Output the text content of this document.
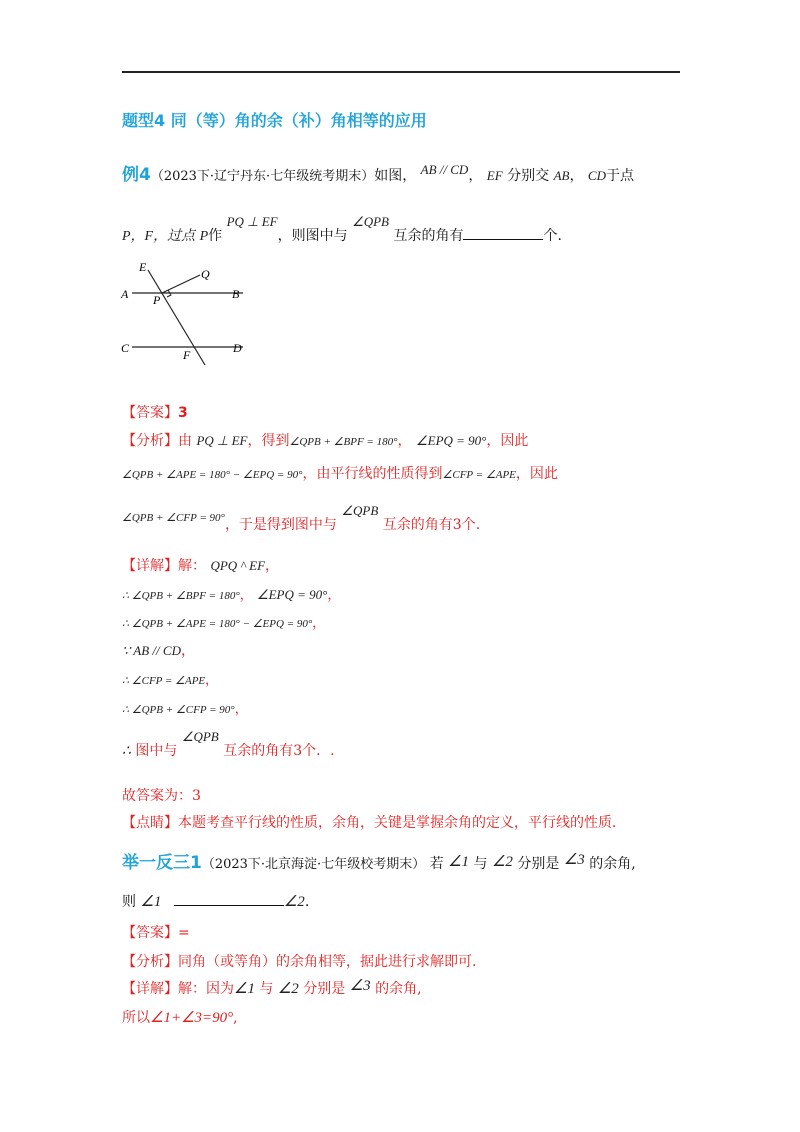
题型4 同（等）角的余（补）角相等的应用
例4（2023下·辽宁丹东·七年级统考期末）如图， AB // CD， EF 分别交 AB， CD于点
P，F，过点 P作 PQ ⊥ EF，则图中与 ∠QPB 互余的角有	个.
E	Q
A P	B
C	F	D
【答案】3
【分析】由 PQ ⊥ EF，得到∠QPB + ∠BPF = 180°， ∠EPQ = 90°，因此
∠QPB + ∠APE = 180° − ∠EPQ = 90°，由平行线的性质得到∠CFP = ∠APE，因此
$^{\angle QPB + \angle CFP = 90^\circ}$，于是得到图中与 ∠QPB 互余的角有3个.
【详解】解： QPQ ^ EF，
∴ ∠QPB + ∠BPF = 180°， ∠EPQ = 90°，
∴ ∠QPB + ∠APE = 180° − ∠EPQ = 90°，
∵ AB // CD，
∴ ∠CFP = ∠APE，
∴ ∠QPB + ∠CFP = 90°，
∴ 图中与 ∠QPB 互余的角有3个．.
故答案为：3
【点睛】本题考查平行线的性质，余角，关键是掌握余角的定义，平行线的性质．
举一反三1（2023下·北京海淀·七年级校考期末） 若 ∠1 与 ∠2 分别是 ∠3 的余角,
则 ∠1	∠2.
【答案】=
【分析】同角（或等角）的余角相等，据此进行求解即可.
【详解】解：因为∠1 与 ∠2 分别是 ∠3 的余角,
所以∠1+∠3=90°,
